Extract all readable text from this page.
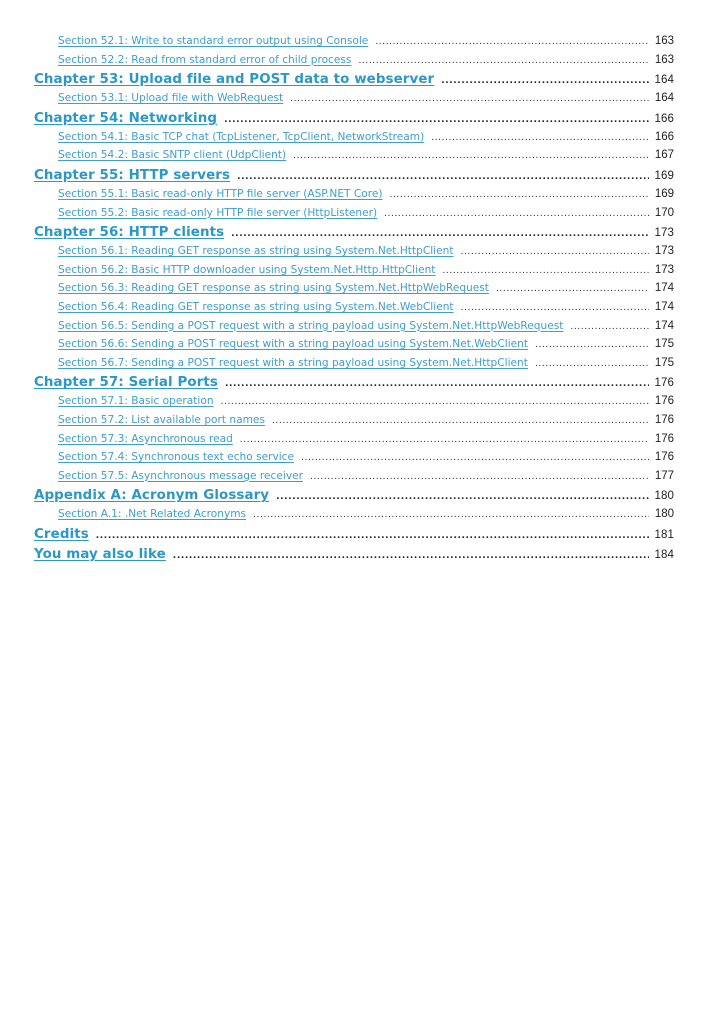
Section 52.1: Write to standard error output using Console .....	163
Section 52.2: Read from standard error of child process .....	163
Chapter 53: Upload file and POST data to webserver .....	164
Section 53.1: Upload file with WebRequest .....	164
Chapter 54: Networking .....	166
Section 54.1: Basic TCP chat (TcpListener, TcpClient, NetworkStream) .....	166
Section 54.2: Basic SNTP client (UdpClient) .....	167
Chapter 55: HTTP servers .....	169
Section 55.1: Basic read-only HTTP file server (ASP.NET Core) .....	169
Section 55.2: Basic read-only HTTP file server (HttpListener) .....	170
Chapter 56: HTTP clients .....	173
Section 56.1: Reading GET response as string using System.Net.HttpClient .....	173
Section 56.2: Basic HTTP downloader using System.Net.Http.HttpClient .....	173
Section 56.3: Reading GET response as string using System.Net.HttpWebRequest .....	174
Section 56.4: Reading GET response as string using System.Net.WebClient .....	174
Section 56.5: Sending a POST request with a string payload using System.Net.HttpWebRequest .....	174
Section 56.6: Sending a POST request with a string payload using System.Net.WebClient .....	175
Section 56.7: Sending a POST request with a string payload using System.Net.HttpClient .....	175
Chapter 57: Serial Ports .....	176
Section 57.1: Basic operation .....	176
Section 57.2: List available port names .....	176
Section 57.3: Asynchronous read .....	176
Section 57.4: Synchronous text echo service .....	176
Section 57.5: Asynchronous message receiver .....	177
Appendix A: Acronym Glossary .....	180
Section A.1: .Net Related Acronyms .....	180
Credits .....	181
You may also like .....	184
